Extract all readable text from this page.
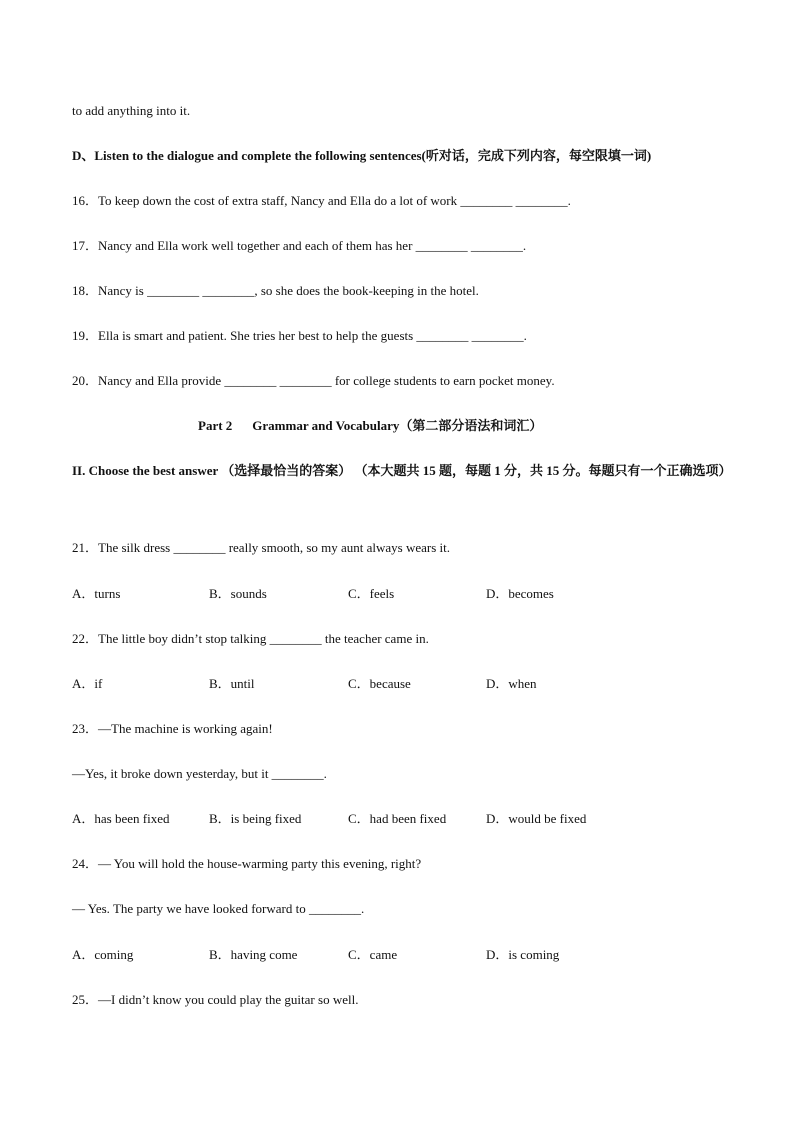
to add anything into it.
D、Listen to the dialogue and complete the following sentences(听对话，完成下列内容，每空限填一词)
16．To keep down the cost of extra staff, Nancy and Ella do a lot of work ________ ________.
17．Nancy and Ella work well together and each of them has her ________ ________.
18．Nancy is ________ ________, so she does the book-keeping in the hotel.
19．Ella is smart and patient. She tries her best to help the guests ________ ________.
20．Nancy and Ella provide ________ ________ for college students to earn pocket money.
Part 2 Grammar and Vocabulary（第二部分语法和词汇）
II. Choose the best answer （选择最恰当的答案） （本大题共 15 题，每题 1 分，共 15 分。每题只有一个正确选项）
21．The silk dress ________ really smooth, so my aunt always wears it.
A．turns	B．sounds	C．feels	D．becomes
22．The little boy didn’t stop talking ________ the teacher came in.
A．if	B．until	C．because	D．when
23．—The machine is working again!
—Yes, it broke down yesterday, but it ________.
A．has been fixed	B．is being fixed	C．had been fixed	D．would be fixed
24．— You will hold the house-warming party this evening, right?
— Yes. The party we have looked forward to ________.
A．coming	B．having come	C．came	D．is coming
25．—I didn’t know you could play the guitar so well.
